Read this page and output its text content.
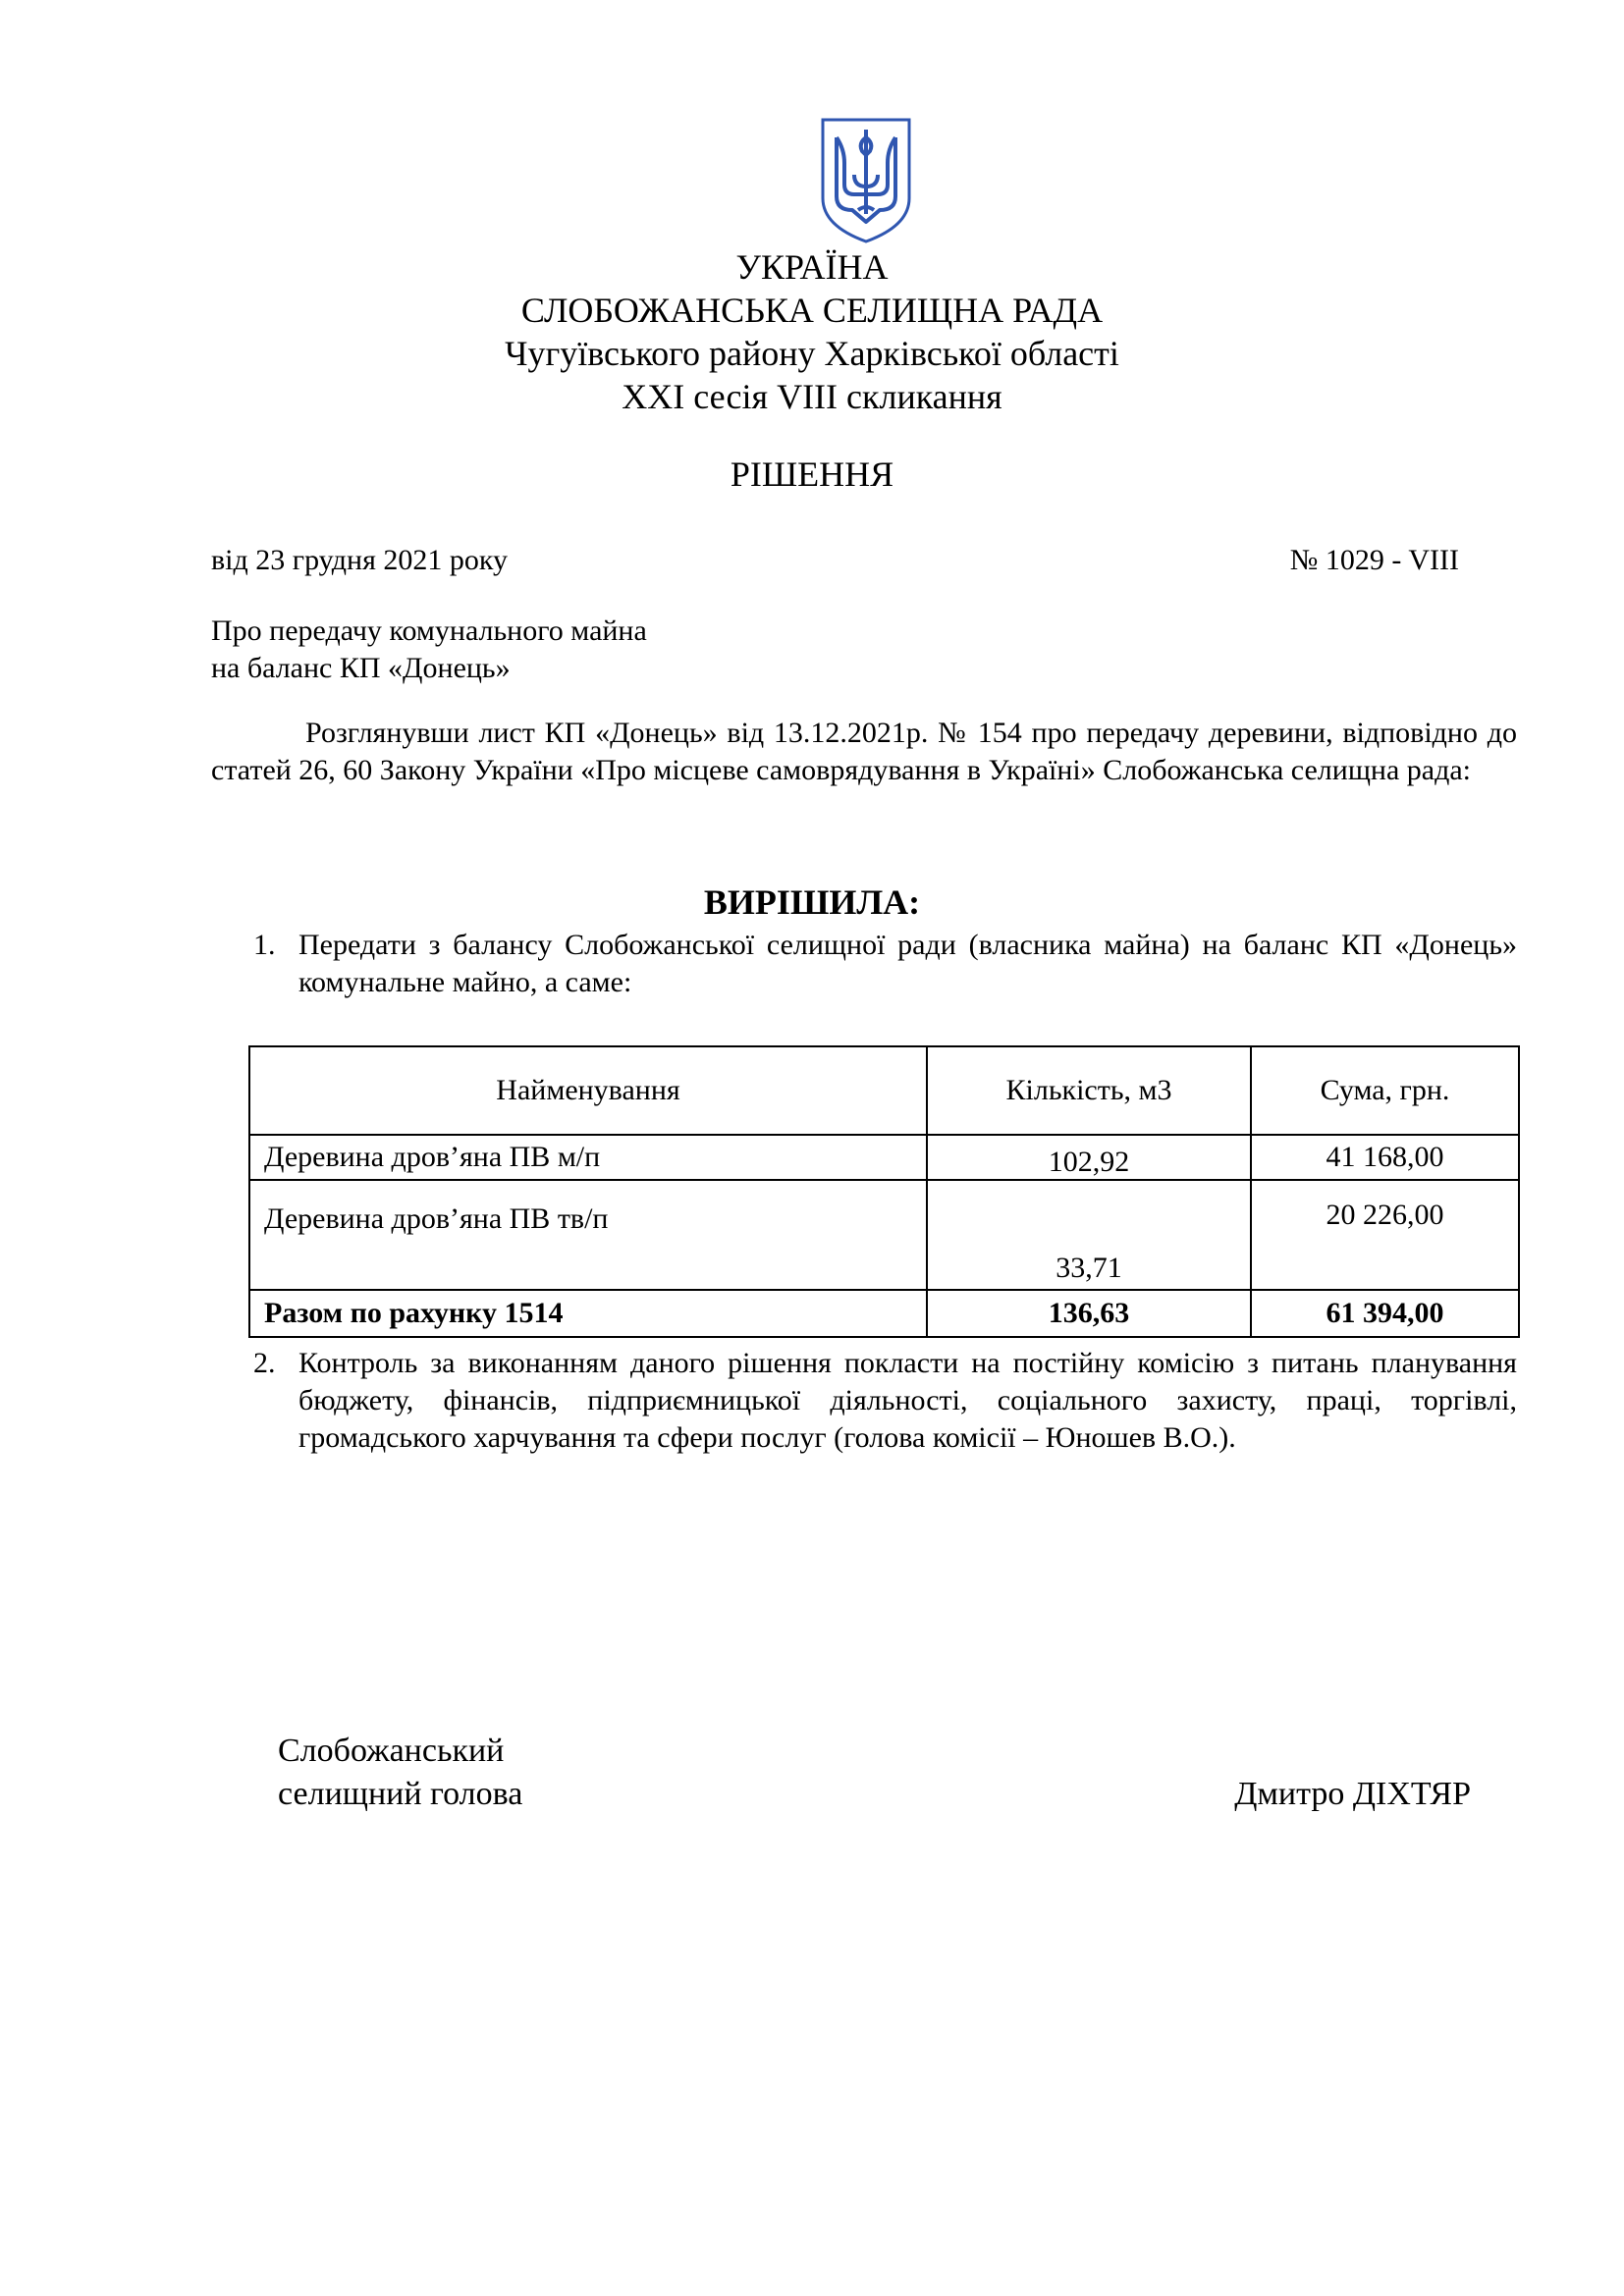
УКРАЇНА
СЛОБОЖАНСЬКА СЕЛИЩНА РАДА
Чугуївського району Харківської області
XXI сесія VIII скликання
РІШЕННЯ
від 23 грудня 2021 року	№ 1029 - VIII
Про передачу комунального майна
на баланс КП «Донець»
Розглянувши лист КП «Донець» від 13.12.2021р. № 154 про передачу деревини, відповідно до статей 26, 60 Закону України «Про місцеве самоврядування в Україні» Слобожанська селищна рада:
ВИРІШИЛА:
1. Передати з балансу Слобожанської селищної ради (власника майна) на баланс КП «Донець» комунальне майно, а саме:
Найменування	Кількість, м3	Сума, грн.
Деревина дров’яна ПВ м/п	102,92	41 168,00
Деревина дров’яна ПВ тв/п	33,71	20 226,00
Разом по рахунку 1514	136,63	61 394,00
2. Контроль за виконанням даного рішення покласти на постійну комісію з питань планування бюджету, фінансів, підприємницької діяльності, соціального захисту, праці, торгівлі, громадського харчування та сфери послуг (голова комісії – Юношев В.О.).
Слобожанський
селищний голова	Дмитро ДІХТЯР
